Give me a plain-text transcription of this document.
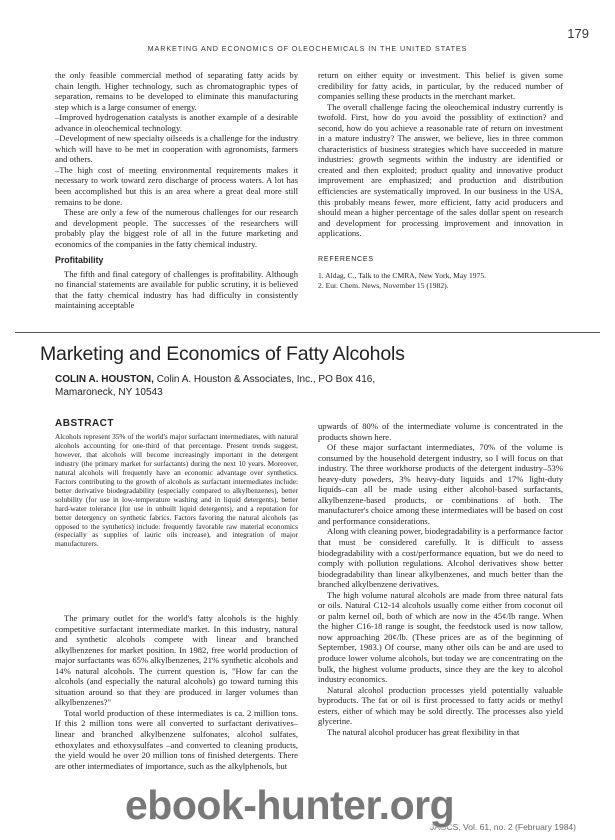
179
MARKETING AND ECONOMICS OF OLEOCHEMICALS IN THE UNITED STATES

the only feasible commercial method of separating fatty acids by chain length. Higher technology, such as chromatographic types of separation, remains to be developed to eliminate this manufacturing step which is a large consumer of energy.

–Improved hydrogenation catalysts is another example of a desirable advance in oleochemical technology.

–Development of new specialty oilseeds is a challenge for the industry which will have to be met in cooperation with agronomists, farmers and others.

–The high cost of meeting environmental requirements makes it necessary to work toward zero discharge of process waters. A lot has been accomplished but this is an area where a great deal more still remains to be done.

These are only a few of the numerous challenges for our research and development people. The successes of the researchers will probably play the biggest role of all in the future marketing and economics of the companies in the fatty chemical industry.

Profitability

The fifth and final category of challenges is profitability. Although no financial statements are available for public scrutiny, it is believed that the fatty chemical industry has had difficulty in consistently maintaining acceptable

return on either equity or investment. This belief is given some credibility for fatty acids, in particular, by the reduced number of companies selling these products in the merchant market.

The overall challenge facing the oleochemical industry currently is twofold. First, how do you avoid the possiblity of extinction? and second, how do you achieve a reasonable rate of return on investment in a mature industry? The answer, we believe, lies in three common characteristics of business strategies which have succeeded in mature industries: growth segments within the industry are identified or created and then exploited; product quality and innovative product improvement are emphasized; and production and distribution efficiencies are systematically improved. In our business in the USA, this probably means fewer, more efficient, fatty acid producers and should mean a higher percentage of the sales dollar spent on research and development for processing improvement and innovation in applications.

REFERENCES
1. Aldag, C., Talk to the CMRA, New York, May 1975.
2. Eur. Chem. News, November 15 (1982).
Marketing and Economics of Fatty Alcohols
COLIN A. HOUSTON, Colin A. Houston & Associates, Inc., PO Box 416, Mamaroneck, NY 10543
ABSTRACT
Alcohols represent 35% of the world's major surfactant intermediates, with natural alcohols accounting for one-third of that percentage. Present trends suggest, however, that alcohols will become increasingly important in the detergent industry (the primary market for surfactants) during the next 10 years. Moreover, natural alcohols will frequently have an economic advantage over synthetics. Factors contributing to the growth of alcohols as surfactant intermediates include: better derivative biodegradability (especially compared to alkylbenzenes), better solubility (for use in low-temperature washing and in liquid detergents), better hard-water tolerance (for use in unbuilt liquid detergents), and a reputation for better detergency on synthetic fabrics. Factors favoring the natural alcohols (as opposed to the synthetics) include: frequently favorable raw material economics (especially as supplies of lauric oils increase), and integration of major manufacturers.

The primary outlet for the world's fatty alcohols is the highly competitive surfactant intermediate market. In this industry, natural and synthetic alcohols compete with linear and branched alkylbenzenes for market position. In 1982, free world production of major surfactants was 65% alkylbenzenes, 21% synthetic alcohols and 14% natural alcohols. The current question is, "How far can the alcohols (and especially the natural alcohols) go toward turning this situation around so that they are produced in larger volumes than alkylbenzenes?"

Total world production of these intermediates is ca. 2 million tons. If this 2 million tons were all converted to surfactant derivatives–linear and branched alkylbenzene sulfonates, alcohol sulfates, ethoxylates and ethoxysulfates –and converted to cleaning products, the yield would be over 20 million tons of finished detergents. There are other intermediates of importance, such as the alkylphenols, but

upwards of 80% of the intermediate volume is concentrated in the products shown here.

Of these major surfactant intermediates, 70% of the volume is consumed by the household detergent industry, so I will focus on that industry. The three workhorse products of the detergent industry–53% heavy-duty powders, 3% heavy-duty liquids and 17% light-duty liquids–can all be made using either alcohol-based surfactants, alkylbenzene-based products, or combinations of both. The manufacturer's choice among these intermediates will be based on cost and performance considerations.

Along with cleaning power, biodegradability is a performance factor that must be considered carefully. It is difficult to assess biodegradability with a cost/performance equation, but we do need to comply with pollution regulations. Alcohol derivatives show better biodegradability than linear alkylbenzenes, and much better than the branched alkylbenzene derivatives.

The high volume natural alcohols are made from three natural fats or oils. Natural C12-14 alcohols usually come either from coconut oil or palm kernel oil, both of which are now in the 45¢/lb range. When the higher C16-18 range is sought, the feedstock used is now tallow, now approaching 20¢/lb. (These prices are as of the beginning of September, 1983.) Of course, many other oils can be and are used to produce lower volume alcohols, but today we are concentrating on the bulk, the highest volume products, since they are the key to alcohol industry economics.

Natural alcohol production processes yield potentially valuable byproducts. The fat or oil is first processed to fatty acids or methyl esters, either of which may be sold directly. The processes also yield glycerine.

The natural alcohol producer has great flexibility in that

JAOCS, Vol. 61, no. 2 (February 1984)
ebook-hunter.org
